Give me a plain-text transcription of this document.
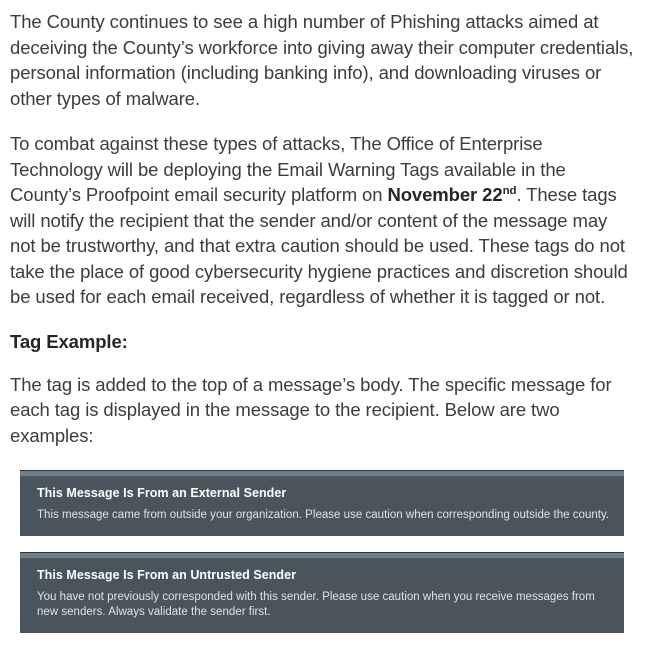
The County continues to see a high number of Phishing attacks aimed at deceiving the County’s workforce into giving away their computer credentials, personal information (including banking info), and downloading viruses or other types of malware.

To combat against these types of attacks, The Office of Enterprise Technology will be deploying the Email Warning Tags available in the County’s Proofpoint email security platform on November 22nd. These tags will notify the recipient that the sender and/or content of the message may not be trustworthy, and that extra caution should be used. These tags do not take the place of good cybersecurity hygiene practices and discretion should be used for each email received, regardless of whether it is tagged or not.

Tag Example:

The tag is added to the top of a message’s body. The specific message for each tag is displayed in the message to the recipient. Below are two examples:

This Message Is From an External Sender
This message came from outside your organization. Please use caution when corresponding outside the county.
This Message Is From an Untrusted Sender
You have not previously corresponded with this sender. Please use caution when you receive messages from new senders. Always validate the sender first.
